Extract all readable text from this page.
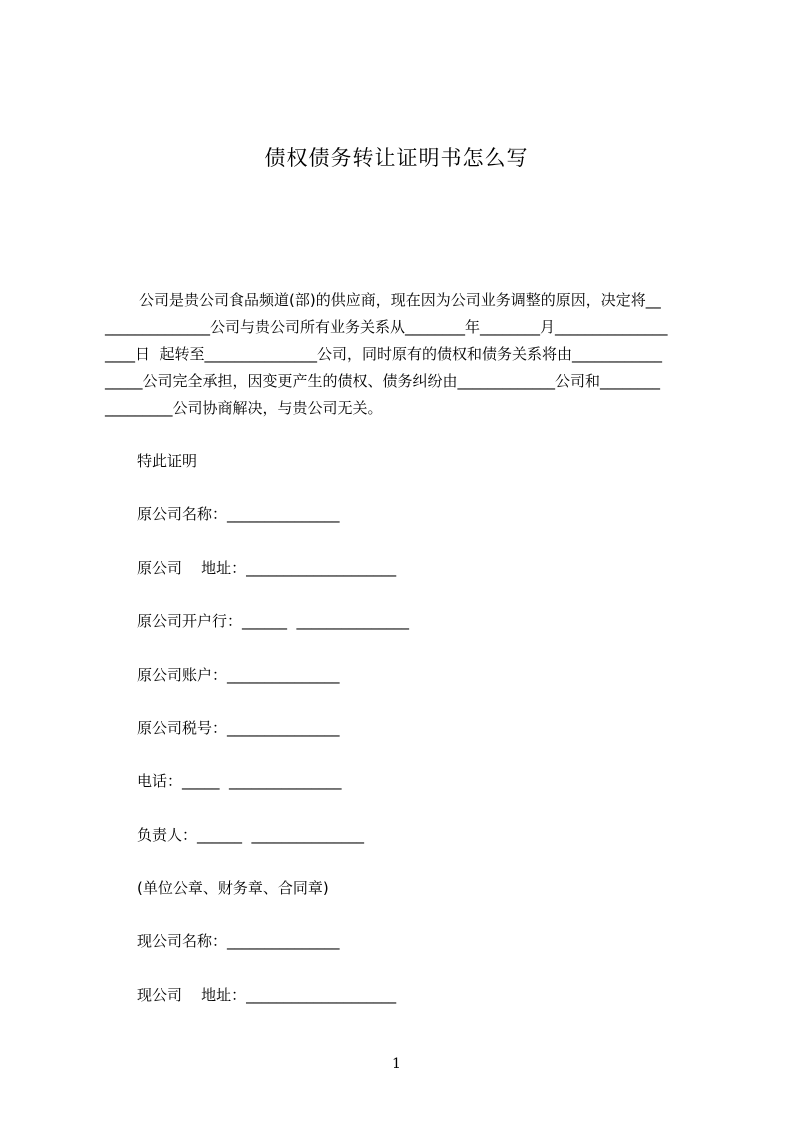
债权债务转让证明书怎么写
公司是贵公司食品频道(部)的供应商，现在因为公司业务调整的原因，决定将__
______________公司与贵公司所有业务关系从________年________月_______________
____日  起转至_______________公司，同时原有的债权和债务关系将由____________
_____公司完全承担，因变更产生的债权、债务纠纷由_____________公司和________
_________公司协商解决，与贵公司无关。
特此证明
原公司名称：_______________
原公司    地址：____________________
原公司开户行：______  _______________
原公司账户：_______________
原公司税号：_______________
电话：_____  _______________
负责人：______  _______________
(单位公章、财务章、合同章)
现公司名称：_______________
现公司    地址：____________________
1
